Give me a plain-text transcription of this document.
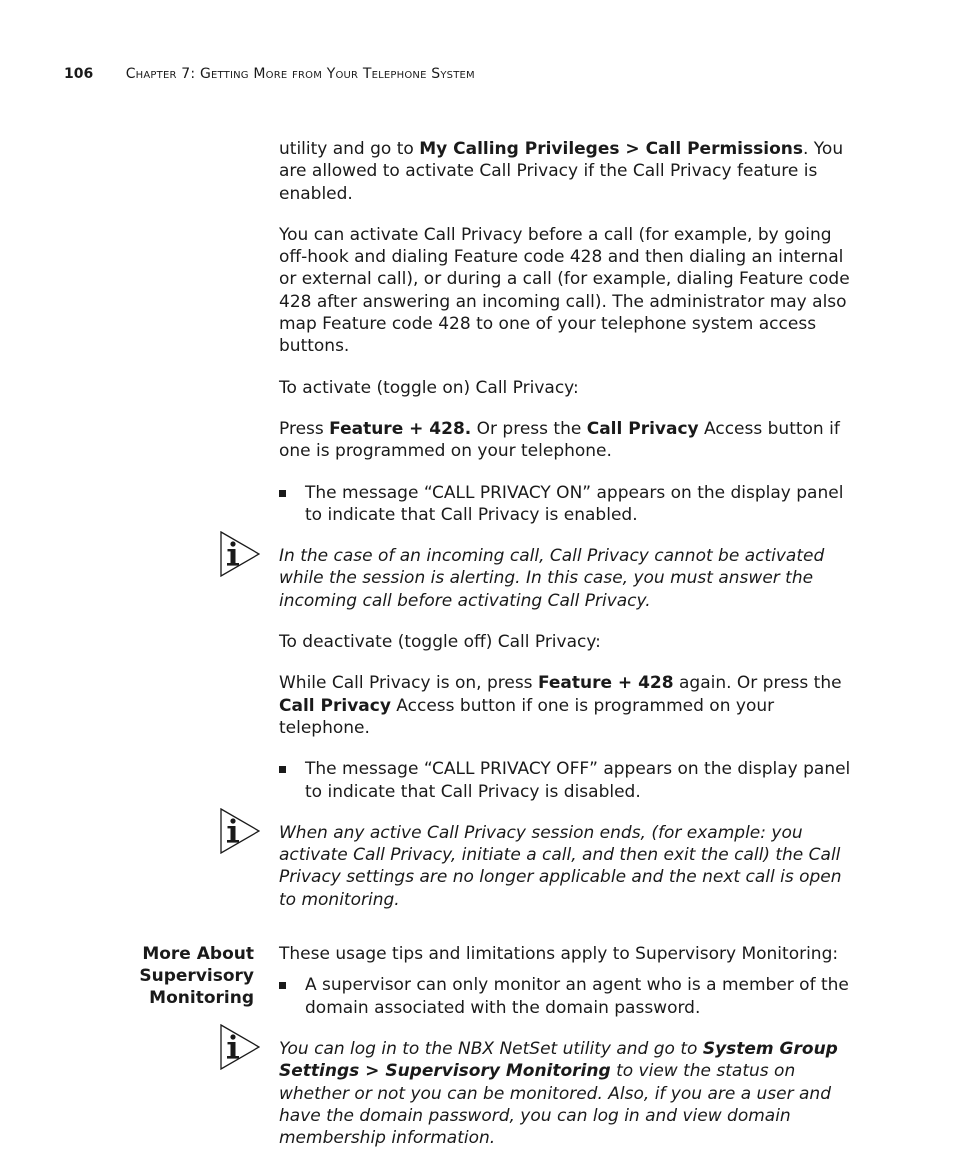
106 Chapter 7: Getting More from Your Telephone System

utility and go to My Calling Privileges > Call Permissions. You are allowed to activate Call Privacy if the Call Privacy feature is enabled.

You can activate Call Privacy before a call (for example, by going off-hook and dialing Feature code 428 and then dialing an internal or external call), or during a call (for example, dialing Feature code 428 after answering an incoming call). The administrator may also map Feature code 428 to one of your telephone system access buttons.

To activate (toggle on) Call Privacy:

Press Feature + 428. Or press the Call Privacy Access button if one is programmed on your telephone.

The message “CALL PRIVACY ON” appears on the display panel to indicate that Call Privacy is enabled.
In the case of an incoming call, Call Privacy cannot be activated while the session is alerting. In this case, you must answer the incoming call before activating Call Privacy.

To deactivate (toggle off) Call Privacy:

While Call Privacy is on, press Feature + 428 again. Or press the Call Privacy Access button if one is programmed on your telephone.

The message “CALL PRIVACY OFF” appears on the display panel to indicate that Call Privacy is disabled.
When any active Call Privacy session ends, (for example: you activate Call Privacy, initiate a call, and then exit the call) the Call Privacy settings are no longer applicable and the next call is open to monitoring.
More About Supervisory Monitoring

These usage tips and limitations apply to Supervisory Monitoring:

A supervisor can only monitor an agent who is a member of the domain associated with the domain password.
You can log in to the NBX NetSet utility and go to System Group Settings > Supervisory Monitoring to view the status on whether or not you can be monitored. Also, if you are a user and have the domain password, you can log in and view domain membership information.
